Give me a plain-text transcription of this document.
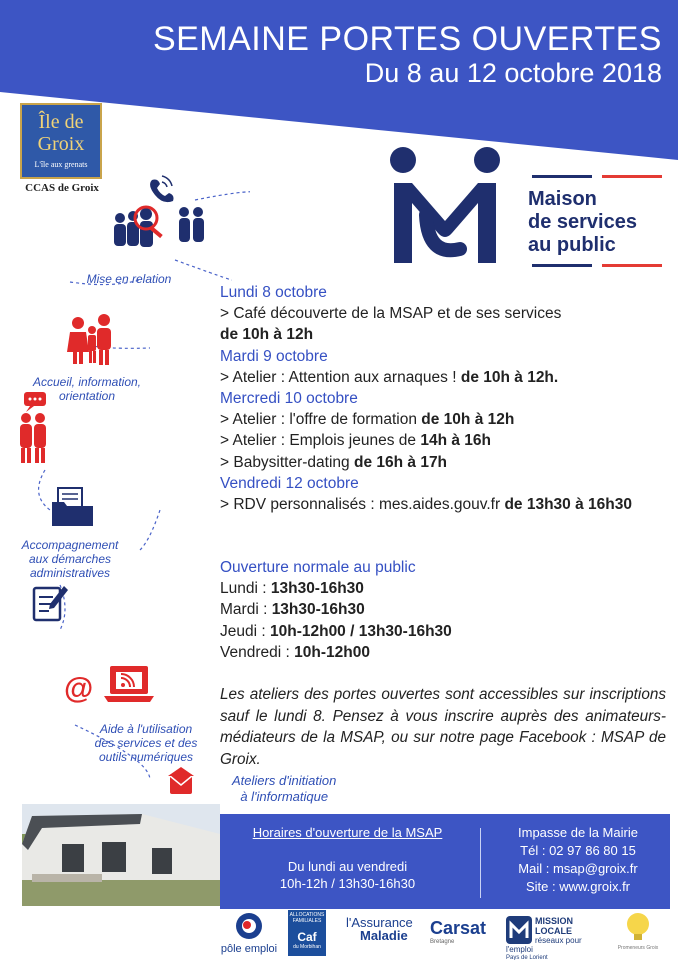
SEMAINE PORTES OUVERTES
Du 8 au 12 octobre 2018
Île de
Groix
L'île aux grenats
CCAS de Groix	Maison
de services
au public
@
Mise en relation
Accueil, information,
orientation
Accompagnement
aux démarches
administratives
Aide à l'utilisation
des services et des
outils numériques
Lundi 8 octobre
> Café découverte de la MSAP et de ses services
de 10h à 12h
Mardi 9 octobre
> Atelier : Attention aux arnaques ! de 10h à 12h.
Mercredi 10 octobre
> Atelier : l'offre de formation de 10h à 12h
> Atelier : Emplois jeunes de 14h à 16h
> Babysitter-dating de 16h à 17h
Vendredi 12 octobre
> RDV personnalisés : mes.aides.gouv.fr de 13h30 à 16h30
Ouverture normale au public
Lundi : 13h30-16h30
Mardi : 13h30-16h30
Jeudi : 10h-12h00 / 13h30-16h30
Vendredi : 10h-12h00
Les ateliers des portes ouvertes sont accessibles sur inscriptions sauf le lundi 8. Pensez à vous inscrire auprès des animateurs-médiateurs de la MSAP, ou sur notre page Facebook : MSAP de Groix.
Ateliers d'initiation
à l'informatique
Horaires d'ouverture de la MSAP
Du lundi au vendredi
10h-12h / 13h30-16h30
Impasse de la Mairie
Tél : 02 97 86 80 15
Mail : msap@groix.fr
Site : www.groix.fr
pôle emploi
ALLOCATIONS
FAMILIALES
Caf
du Morbihan
l'Assurance
Maladie Carsat
Bretagne
MISSION LOCALE
réseaux pour l'emploi
Pays de Lorient
Promeneurs Groix
